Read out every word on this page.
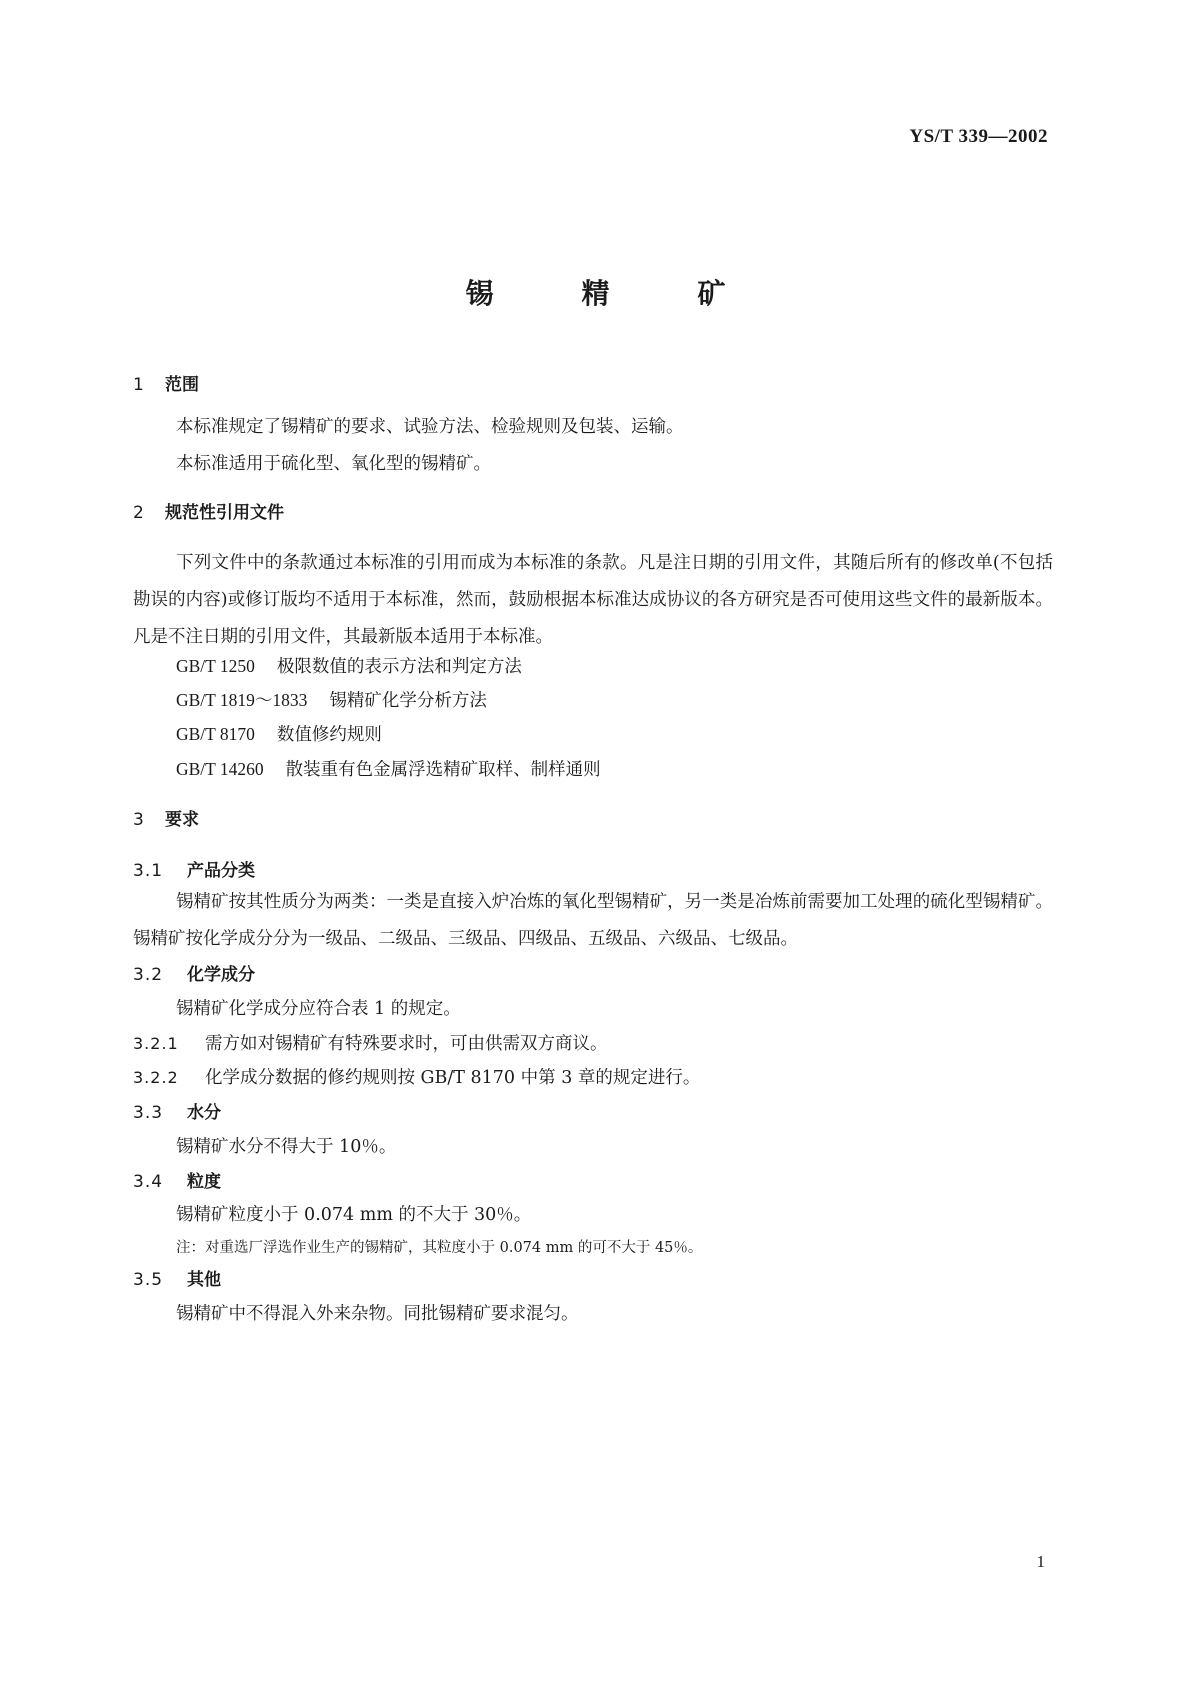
YS/T 339—2002
锡	精	矿
1 范围
本标准规定了锡精矿的要求、试验方法、检验规则及包装、运输。
本标准适用于硫化型、氧化型的锡精矿。
2 规范性引用文件
下列文件中的条款通过本标准的引用而成为本标准的条款。凡是注日期的引用文件，其随后所有的修改单(不包括勘误的内容)或修订版均不适用于本标准，然而，鼓励根据本标准达成协议的各方研究是否可使用这些文件的最新版本。凡是不注日期的引用文件，其最新版本适用于本标准。
GB/T 1250 极限数值的表示方法和判定方法
GB/T 1819～1833 锡精矿化学分析方法
GB/T 8170 数值修约规则
GB/T 14260 散装重有色金属浮选精矿取样、制样通则
3 要求
3.1 产品分类
锡精矿按其性质分为两类：一类是直接入炉冶炼的氧化型锡精矿，另一类是冶炼前需要加工处理的硫化型锡精矿。锡精矿按化学成分分为一级品、二级品、三级品、四级品、五级品、六级品、七级品。
3.2 化学成分
锡精矿化学成分应符合表 1 的规定。
3.2.1 需方如对锡精矿有特殊要求时，可由供需双方商议。
3.2.2 化学成分数据的修约规则按 GB/T 8170 中第 3 章的规定进行。
3.3 水分
锡精矿水分不得大于 10％。
3.4 粒度
锡精矿粒度小于 0.074 mm 的不大于 30％。
注：对重选厂浮选作业生产的锡精矿，其粒度小于 0.074 mm 的可不大于 45％。
3.5 其他
锡精矿中不得混入外来杂物。同批锡精矿要求混匀。
1
